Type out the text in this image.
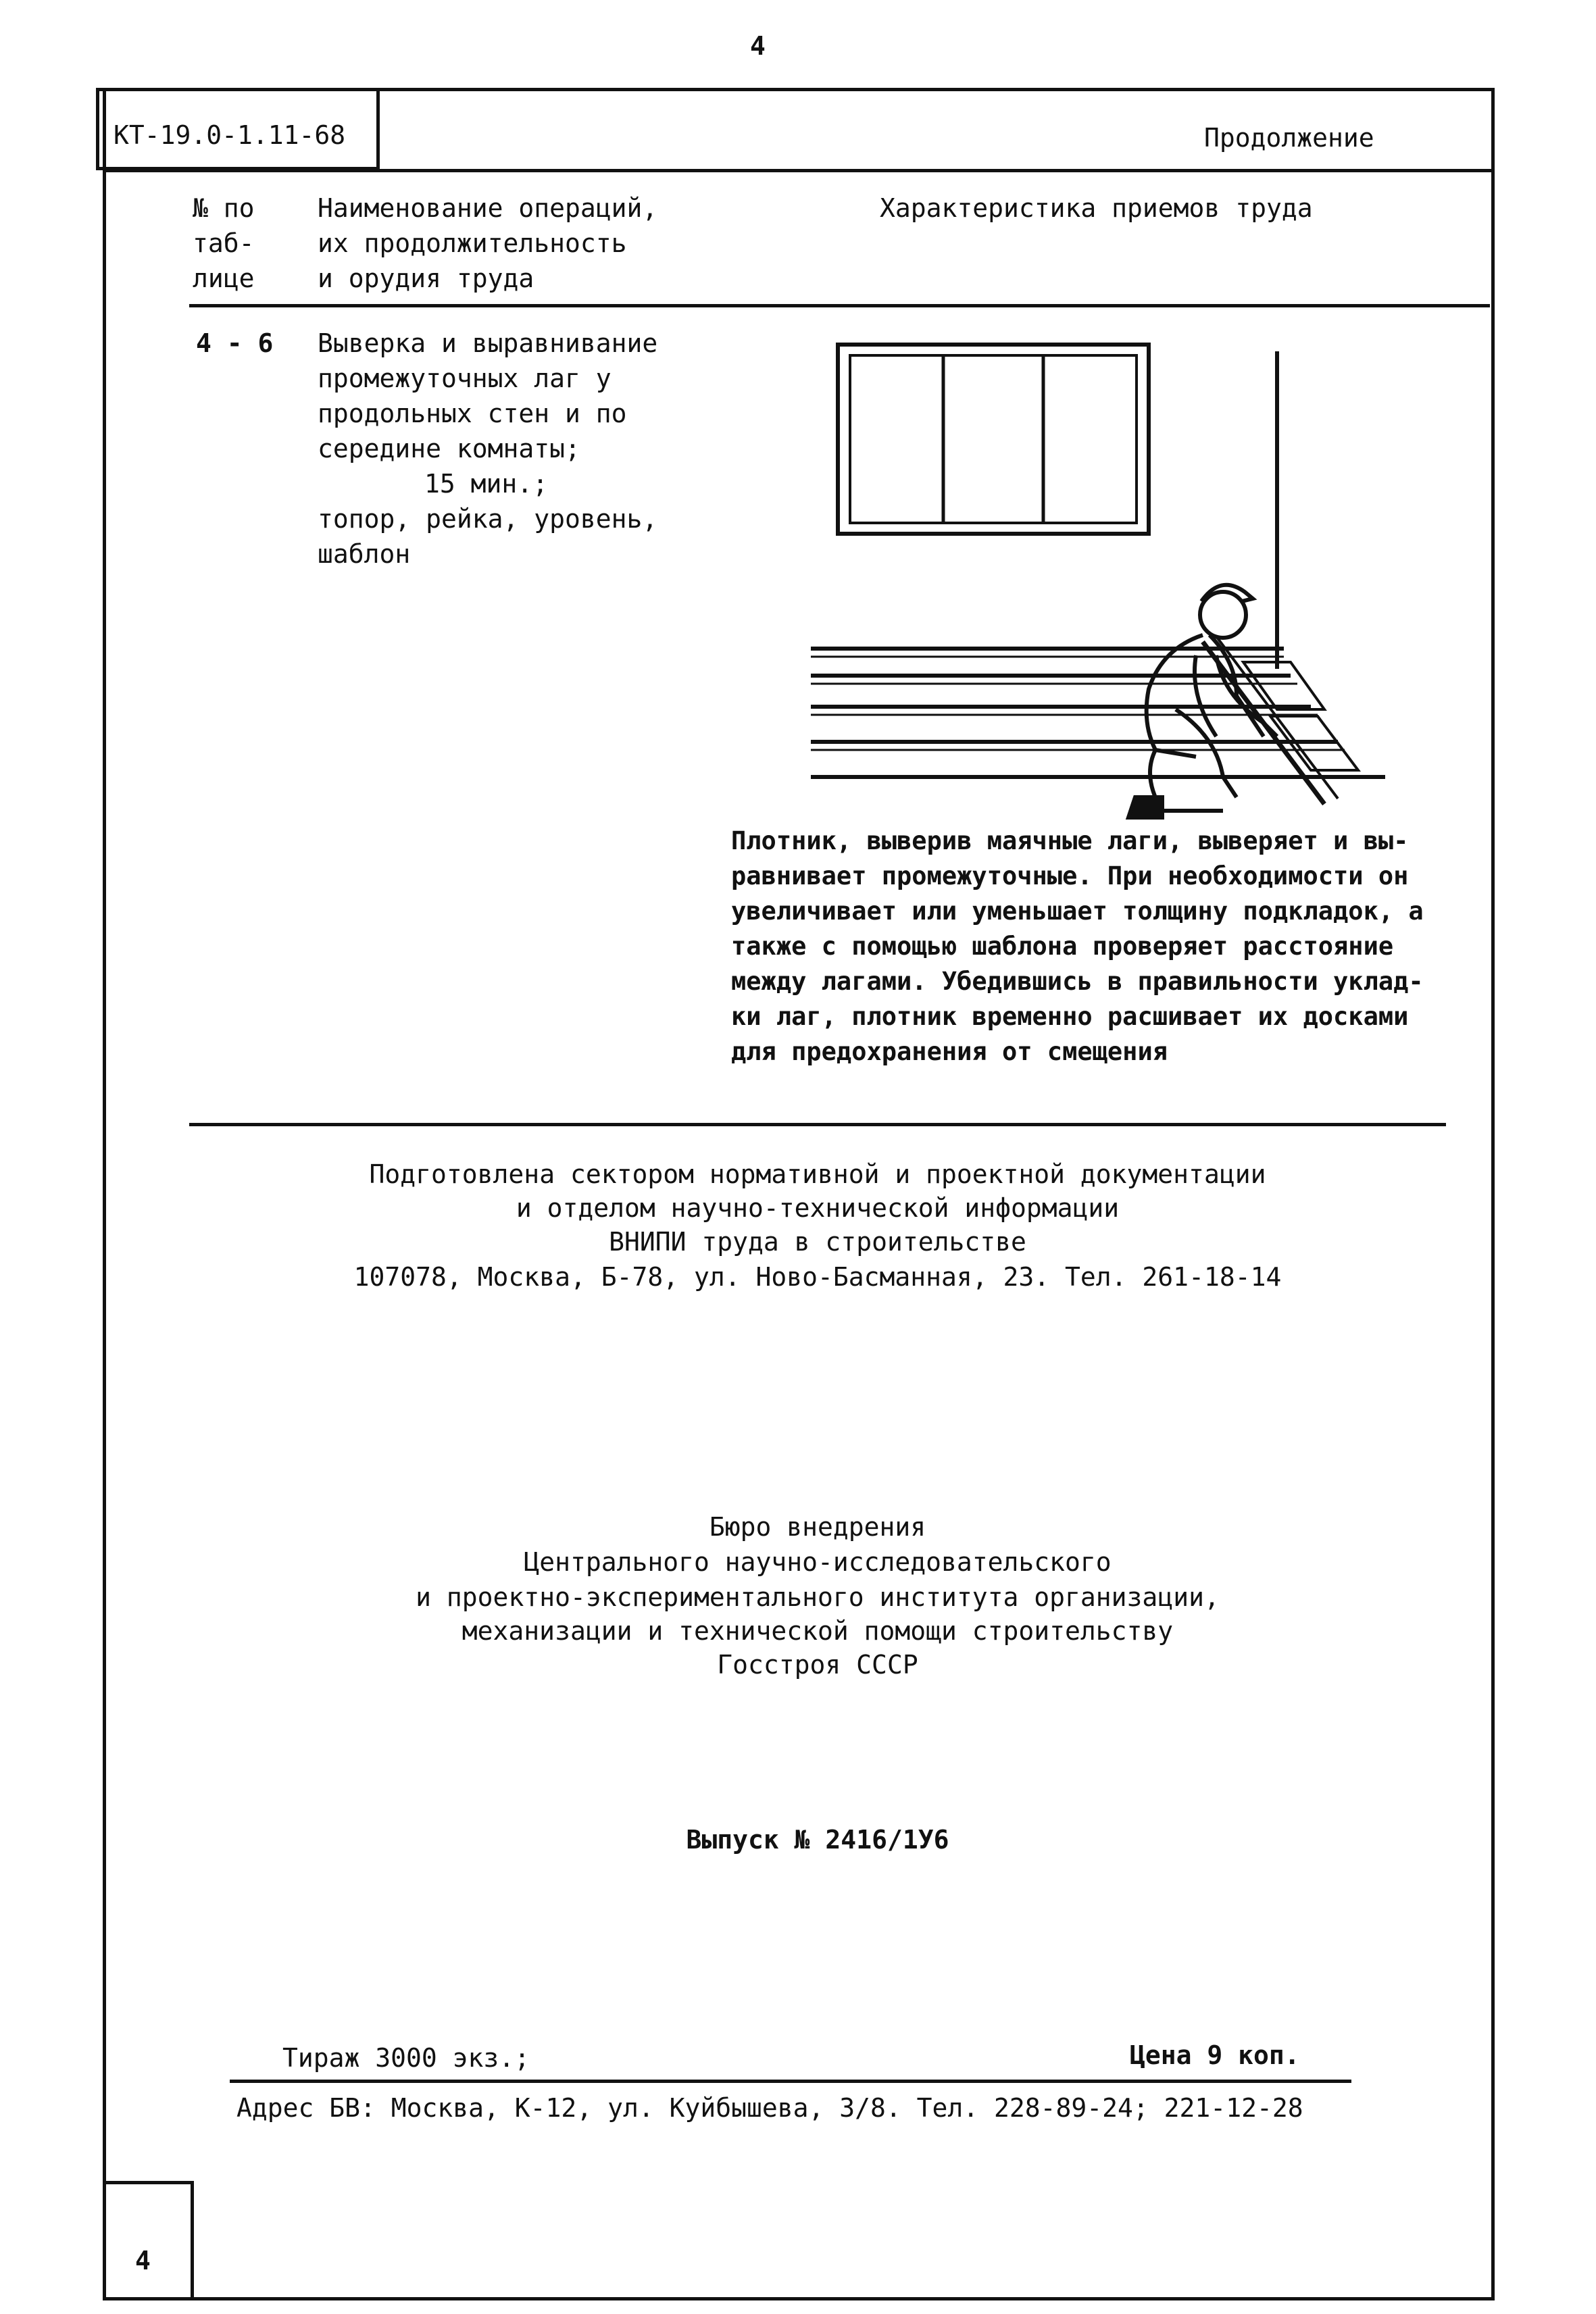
4
КТ-19.0-1.11-68	Продолжение
№ по
таб-
лице
Наименование операций,
их продолжительность
и орудия труда
Характеристика приемов труда
4 - 6 Выверка и выравнивание
промежуточных лаг у
продольных стен и по
середине комнаты;
15 мин.;
топор, рейка, уровень,
шаблон
Плотник, выверив маячные лаги, выверяет и вы-
равнивает промежуточные. При необходимости он
увеличивает или уменьшает толщину подкладок, а
также с помощью шаблона проверяет расстояние
между лагами. Убедившись в правильности уклад-
ки лаг, плотник временно расшивает их досками
для предохранения от смещения
Подготовлена сектором нормативной и проектной документации
и отделом научно-технической информации
ВНИПИ труда в строительстве
107078, Москва, Б-78, ул. Ново-Басманная, 23. Тел. 261-18-14
Бюро внедрения
Центрального научно-исследовательского
и проектно-экспериментального института организации,
механизации и технической помощи строительству
Госстроя СССР
Выпуск № 2416/1У6
Тираж 3000 экз.;	Цена 9 коп.
Адрес БВ: Москва, К-12, ул. Куйбышева, 3/8. Тел. 228-89-24; 221-12-28
4
